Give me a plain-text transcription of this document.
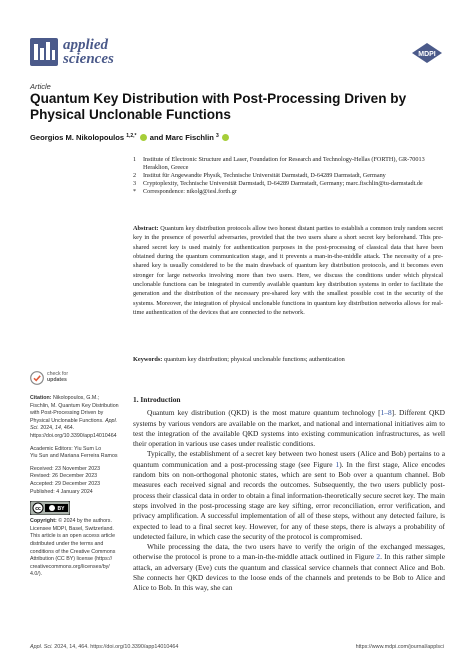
applied
sciences	MDPI
Article
Quantum Key Distribution with Post-Processing Driven by Physical Unclonable Functions
Georgios M. Nikolopoulos $^{1,2,*}$  and Marc Fischlin $^3$
1	Institute of Electronic Structure and Laser, Foundation for Research and Technology-Hellas (FORTH), GR-70013 Heraklion, Greece
2	Institut für Angewandte Physik, Technische Universität Darmstadt, D-64289 Darmstadt, Germany
3	Cryptoplexity, Technische Universität Darmstadt, D-64289 Darmstadt, Germany; marc.fischlin@tu-darmstadt.de
*	Correspondence: nikolg@iesl.forth.gr
Abstract: Quantum key distribution protocols allow two honest distant parties to establish a common truly random secret key in the presence of powerful adversaries, provided that the two users share a short secret key beforehand. This pre-shared secret key is used mainly for authentication purposes in the post-processing of classical data that have been obtained during the quantum communication stage, and it prevents a man-in-the-middle attack. The necessity of a pre-shared key is usually considered to be the main drawback of quantum key distribution protocols, and it becomes even stronger for large networks involving more than two users. Here, we discuss the conditions under which physical unclonable functions can be integrated in currently available quantum key distribution systems in order to facilitate the generation and the distribution of the necessary pre-shared key with the smallest possible cost in the security of the systems. Moreover, the integration of physical unclonable functions in quantum key distribution networks allows for real-time authentication of the devices that are connected to the network.
Keywords: quantum key distribution; physical unclonable functions; authentication
check for
updates

Citation: Nikolopoulos, G.M.; Fischlin, M. Quantum Key Distribution with Post-Processing Driven by Physical Unclonable Functions. Appl. Sci. 2024, 14, 464. https://doi.org/10.3390/app14010464

Academic Editors: Yiu Sum Lo
Yiu Sun and Mariana Ferreira Ramos

Received: 23 November 2023
Revised: 26 December 2023
Accepted: 29 December 2023
Published: 4 January 2024

cc	BY

Copyright: © 2024 by the authors. Licensee MDPI, Basel, Switzerland. This article is an open access article distributed under the terms and conditions of the Creative Commons Attribution (CC BY) license (https:// creativecommons.org/licenses/by/ 4.0/).

1. Introduction

Quantum key distribution (QKD) is the most mature quantum technology [1–8]. Different QKD systems by various vendors are available on the market, and national and international initiatives aim to test the integration of the available QKD systems into existing communication infrastructures, as well their operation in various use cases under realistic conditions.

Typically, the establishment of a secret key between two honest users (Alice and Bob) pertains to a quantum communication and a post-processing stage (see Figure 1). In the first stage, Alice encodes random bits on non-orthogonal photonic states, which are sent to Bob over a quantum channel. Bob measures each received signal and records the outcomes. Subsequently, the two users publicly post-process their classical data in order to obtain a final information-theoretically secure secret key. The main steps involved in the post-processing stage are key sifting, error reconciliation, error verification, and privacy amplification. A successful implementation of all of these steps, without any detected failure, is expected to lead to a final secret key. However, for any of these steps, there is always a probability of undetected failure, in which case the security of the protocol is compromised.

While processing the data, the two users have to verify the origin of the exchanged messages, otherwise the protocol is prone to a man-in-the-middle attack outlined in Figure 2. In this rather simple attack, an adversary (Eve) cuts the quantum and classical service channels that connect Alice and Bob. She connects her QKD devices to the loose ends of the channels and pretends to be Bob to Alice and Alice to Bob. In this way, she can

Appl. Sci. 2024, 14, 464. https://doi.org/10.3390/app14010464	https://www.mdpi.com/journal/applsci
